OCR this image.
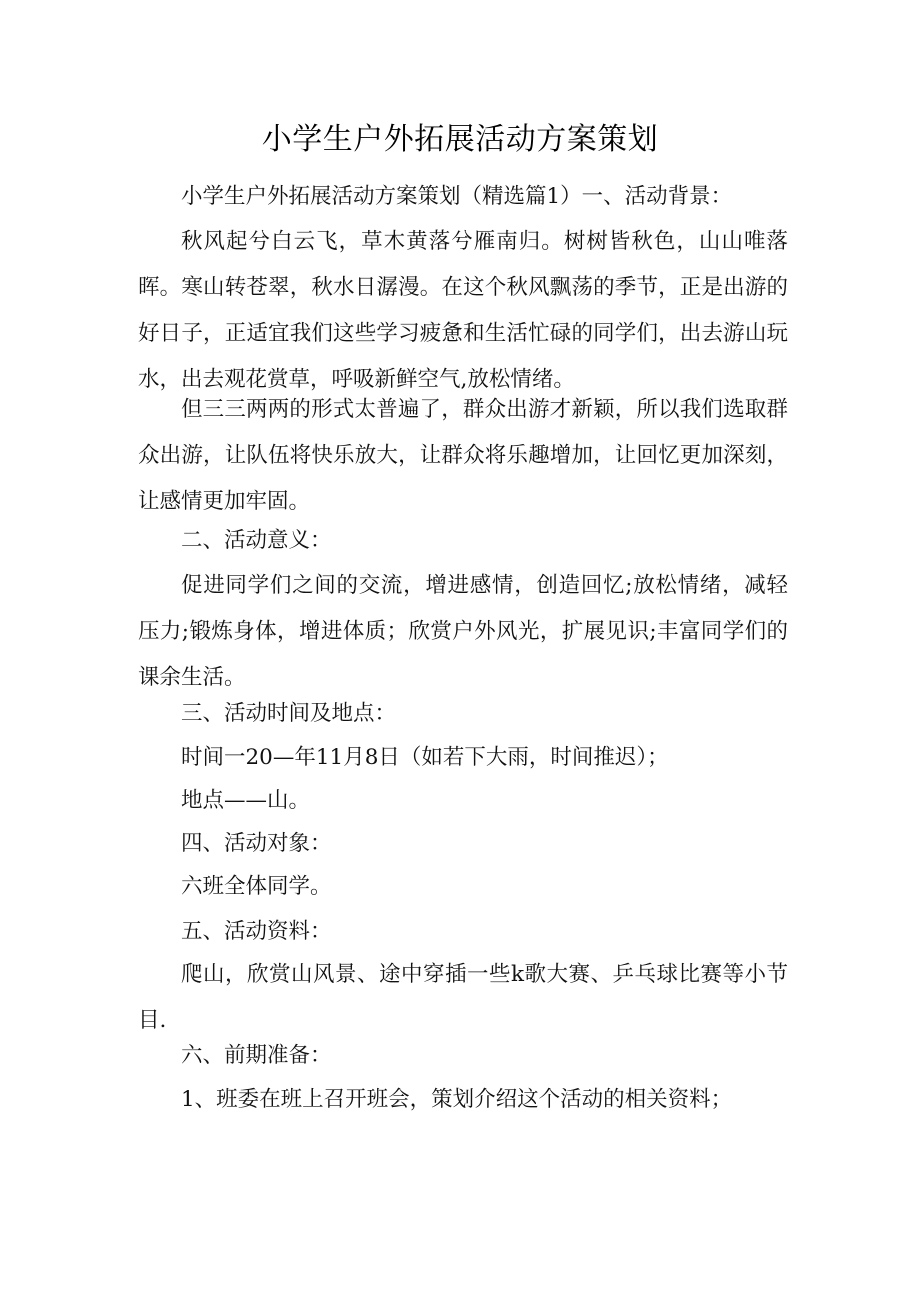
小学生户外拓展活动方案策划

小学生户外拓展活动方案策划（精选篇1）一、活动背景：

秋风起兮白云飞，草木黄落兮雁南归。树树皆秋色，山山唯落晖。寒山转苍翠，秋水日潺漫。在这个秋风飘荡的季节，正是出游的好日子，正适宜我们这些学习疲惫和生活忙碌的同学们，出去游山玩水，出去观花赏草，呼吸新鲜空气,放松情绪。

但三三两两的形式太普遍了，群众出游才新颖，所以我们选取群众出游，让队伍将快乐放大，让群众将乐趣增加，让回忆更加深刻，让感情更加牢固。

二、活动意义：

促进同学们之间的交流，增进感情，创造回忆;放松情绪，减轻压力;锻炼身体，增进体质；欣赏户外风光，扩展见识;丰富同学们的课余生活。

三、活动时间及地点：

时间一20—年11月8日（如若下大雨，时间推迟）；

地点——山。

四、活动对象：

六班全体同学。

五、活动资料：

爬山，欣赏山风景、途中穿插一些k歌大赛、乒乓球比赛等小节目.

六、前期准备：

1、班委在班上召开班会，策划介绍这个活动的相关资料；
